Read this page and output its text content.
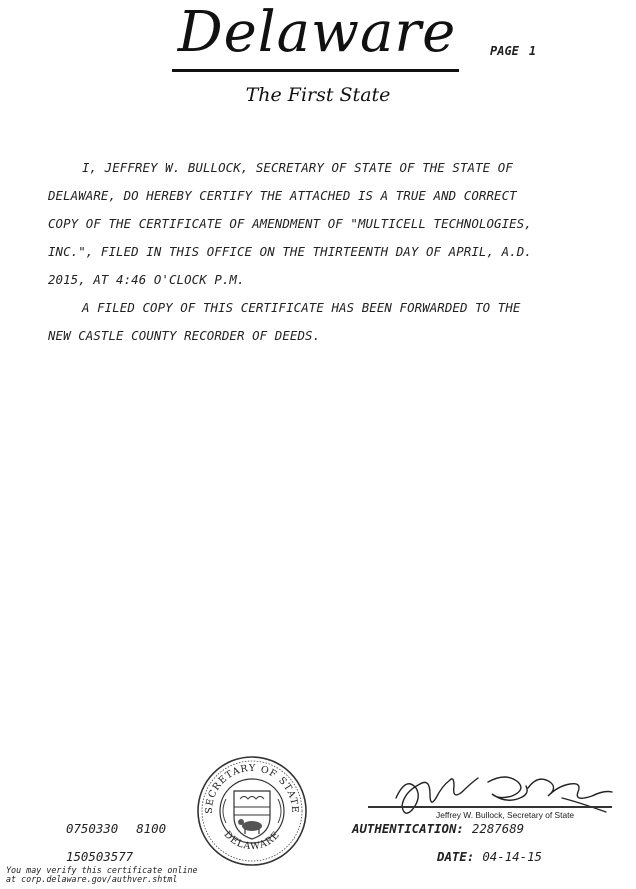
Delaware	PAGE 1
The First State

I, JEFFREY W. BULLOCK, SECRETARY OF STATE OF THE STATE OF
DELAWARE, DO HEREBY CERTIFY THE ATTACHED IS A TRUE AND CORRECT
COPY OF THE CERTIFICATE OF AMENDMENT OF "MULTICELL TECHNOLOGIES,
INC.", FILED IN THIS OFFICE ON THE THIRTEENTH DAY OF APRIL, A.D.
2015, AT 4:46 O'CLOCK P.M.

A FILED COPY OF THIS CERTIFICATE HAS BEEN FORWARDED TO THE
NEW CASTLE COUNTY RECORDER OF DEEDS.

SECRETARY OF STATE
DELAWARE
0750330 8100
150503577
You may verify this certificate online
at corp.delaware.gov/authver.shtml
Jeffrey W. Bullock, Secretary of State
AUTHENTICATION: 2287689
DATE: 04-14-15
